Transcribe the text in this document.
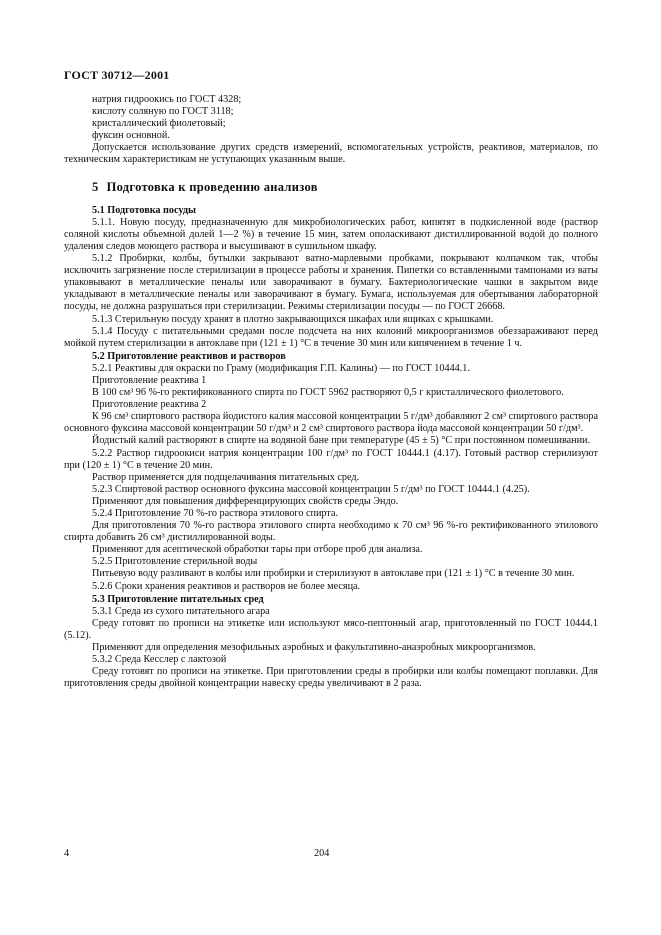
ГОСТ 30712—2001

натрия гидроокись по ГОСТ 4328;

кислоту соляную по ГОСТ 3118;

кристаллический фиолетовый;

фуксин основной.

Допускается использование других средств измерений, вспомогательных устройств, реактивов, материалов, по техническим характеристикам не уступающих указанным выше.

5 Подготовка к проведению анализов

5.1 Подготовка посуды

5.1.1. Новую посуду, предназначенную для микробиологических работ, кипятят в подкисленной воде (раствор соляной кислоты объемной долей 1—2 %) в течение 15 мин, затем ополаскивают дистиллированной водой до полного удаления следов моющего раствора и высушивают в сушильном шкафу.

5.1.2 Пробирки, колбы, бутылки закрывают ватно-марлевыми пробками, покрывают колпачком так, чтобы исключить загрязнение после стерилизации в процессе работы и хранения. Пипетки со вставленными тампонами из ваты упаковывают в металлические пеналы или заворачивают в бумагу. Бактериологические чашки в закрытом виде укладывают в металлические пеналы или заворачивают в бумагу. Бумага, используемая для обертывания лабораторной посуды, не должна разрушаться при стерилизации. Режимы стерилизации посуды — по ГОСТ 26668.

5.1.3 Стерильную посуду хранят в плотно закрывающихся шкафах или ящиках с крышками.

5.1.4 Посуду с питательными средами после подсчета на них колоний микроорганизмов обеззараживают перед мойкой путем стерилизации в автоклаве при (121 ± 1) °С в течение 30 мин или кипячением в течение 1 ч.

5.2 Приготовление реактивов и растворов

5.2.1 Реактивы для окраски по Граму (модификация Г.П. Калины) — по ГОСТ 10444.1.

Приготовление реактива 1

В 100 см³ 96 %-го ректификованного спирта по ГОСТ 5962 растворяют 0,5 г кристаллического фиолетового.

Приготовление реактива 2

К 96 см³ спиртового раствора йодистого калия массовой концентрации 5 г/дм³ добавляют 2 см³ спиртового раствора основного фуксина массовой концентрации 50 г/дм³ и 2 см³ спиртового раствора йода массовой концентрации 50 г/дм³.

Йодистый калий растворяют в спирте на водяной бане при температуре (45 ± 5) °С при постоянном помешивании.

5.2.2 Раствор гидроокиси натрия концентрации 100 г/дм³ по ГОСТ 10444.1 (4.17). Готовый раствор стерилизуют при (120 ± 1) °С в течение 20 мин.

Раствор применяется для подщелачивания питательных сред.

5.2.3 Спиртовой раствор основного фуксина массовой концентрации 5 г/дм³ по ГОСТ 10444.1 (4.25).

Применяют для повышения дифференцирующих свойств среды Эндо.

5.2.4 Приготовление 70 %-го раствора этилового спирта.

Для приготовления 70 %-го раствора этилового спирта необходимо к 70 см³ 96 %-го ректификованного этилового спирта добавить 26 см³ дистиллированной воды.

Применяют для асептической обработки тары при отборе проб для анализа.

5.2.5 Приготовление стерильной воды

Питьевую воду разливают в колбы или пробирки и стерилизуют в автоклаве при (121 ± 1) °С в течение 30 мин.

5.2.6 Сроки хранения реактивов и растворов не более месяца.

5.3 Приготовление питательных сред

5.3.1 Среда из сухого питательного агара

Среду готовят по прописи на этикетке или используют мясо-пептонный агар, приготовленный по ГОСТ 10444.1 (5.12).

Применяют для определения мезофильных аэробных и факультативно-анаэробных микроорганизмов.

5.3.2 Среда Кесслер с лактозой

Среду готовят по прописи на этикетке. При приготовлении среды в пробирки или колбы помещают поплавки. Для приготовления среды двойной концентрации навеску среды увеличивают в 2 раза.

4	204
